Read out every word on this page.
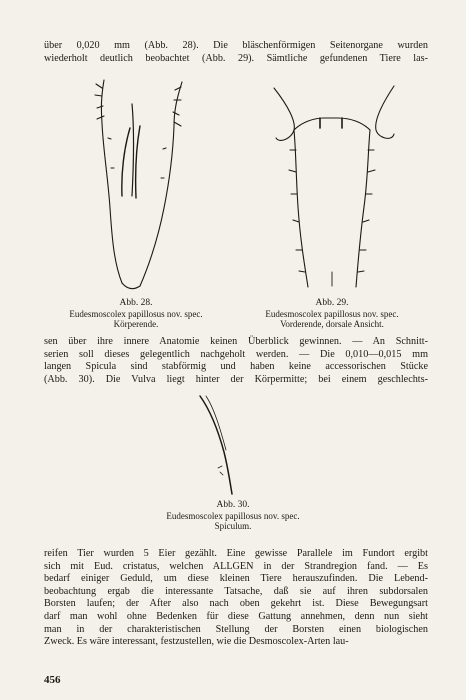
über 0,020 mm (Abb. 28). Die bläschenförmigen Seitenorgane wurden
wiederholt deutlich beobachtet (Abb. 29). Sämtliche gefundenen Tiere las-

Abb. 28.
Eudesmoscolex papillosus nov. spec.
Körperende.
Abb. 29.
Eudesmoscolex papillosus nov. spec.
Vorderende, dorsale Ansicht.

sen über ihre innere Anatomie keinen Überblick gewinnen. — An Schnitt-
serien soll dieses gelegentlich nachgeholt werden. — Die 0,010—0,015 mm
langen Spicula sind stabförmig und haben keine accessorischen Stücke
(Abb. 30). Die Vulva liegt hinter der Körpermitte; bei einem geschlechts-

Abb. 30.
Eudesmoscolex papillosus nov. spec.
Spiculum.

reifen Tier wurden 5 Eier gezählt. Eine gewisse Parallele im Fundort ergibt
sich mit Eud. cristatus, welchen ALLGEN in der Strandregion fand. — Es
bedarf einiger Geduld, um diese kleinen Tiere herauszufinden. Die Lebend-
beobachtung ergab die interessante Tatsache, daß sie auf ihren subdorsalen
Borsten laufen; der After also nach oben gekehrt ist. Diese Bewegungsart
darf man wohl ohne Bedenken für diese Gattung annehmen, denn nun sieht
man in der charakteristischen Stellung der Borsten einen biologischen
Zweck. Es wäre interessant, festzustellen, wie die Desmoscolex-Arten lau-

456
